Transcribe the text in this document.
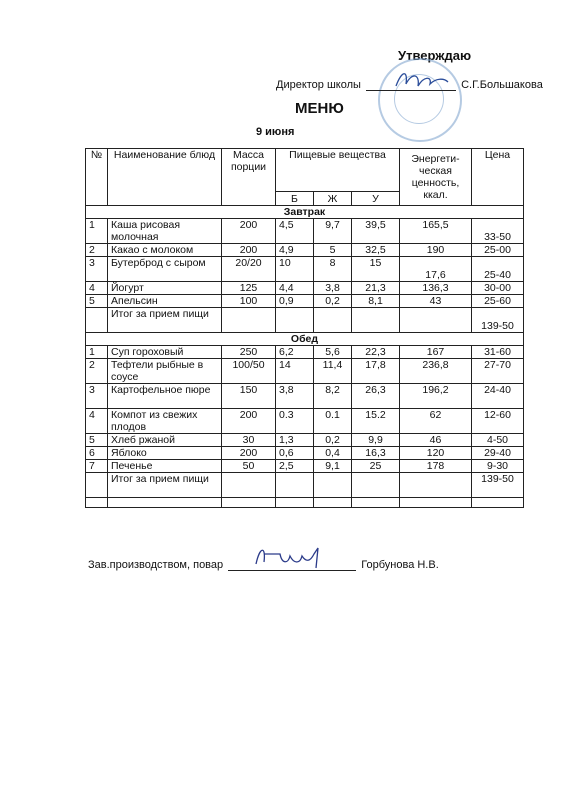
Утверждаю
Директор школы	С.Г.Большакова
МЕНЮ
9 июня
№	Наименование блюд	Масса порции	Пищевые вещества			Энергети-ческая ценность, ккал.	Цена
			Б	Ж	У		
Завтрак							
1	Каша рисовая молочная	200	4,5	9,7	39,5	165,5	33-50
2	Какао с молоком	200	4,9	5	32,5	190	25-00
3	Бутерброд с сыром	20/20	10	8	15	17,6	25-40
4	Йогурт	125	4,4	3,8	21,3	136,3	30-00
5	Апельсин	100	0,9	0,2	8,1	43	25-60
	Итог за прием пищи						139-50
Обед							
1	Суп гороховый	250	6,2	5,6	22,3	167	31-60
2	Тефтели рыбные в соусе	100/50	14	11,4	17,8	236,8	27-70
3	Картофельное пюре	150	3,8	8,2	26,3	196,2	24-40
4	Компот из свежих плодов	200	0.3	0.1	15.2	62	12-60
5	Хлеб ржаной	30	1,3	0,2	9,9	46	4-50
6	Яблоко	200	0,6	0,4	16,3	120	29-40
7	Печенье	50	2,5	9,1	25	178	9-30
	Итог за прием пищи						139-50

Зав.производством, повар	Горбунова Н.В.
